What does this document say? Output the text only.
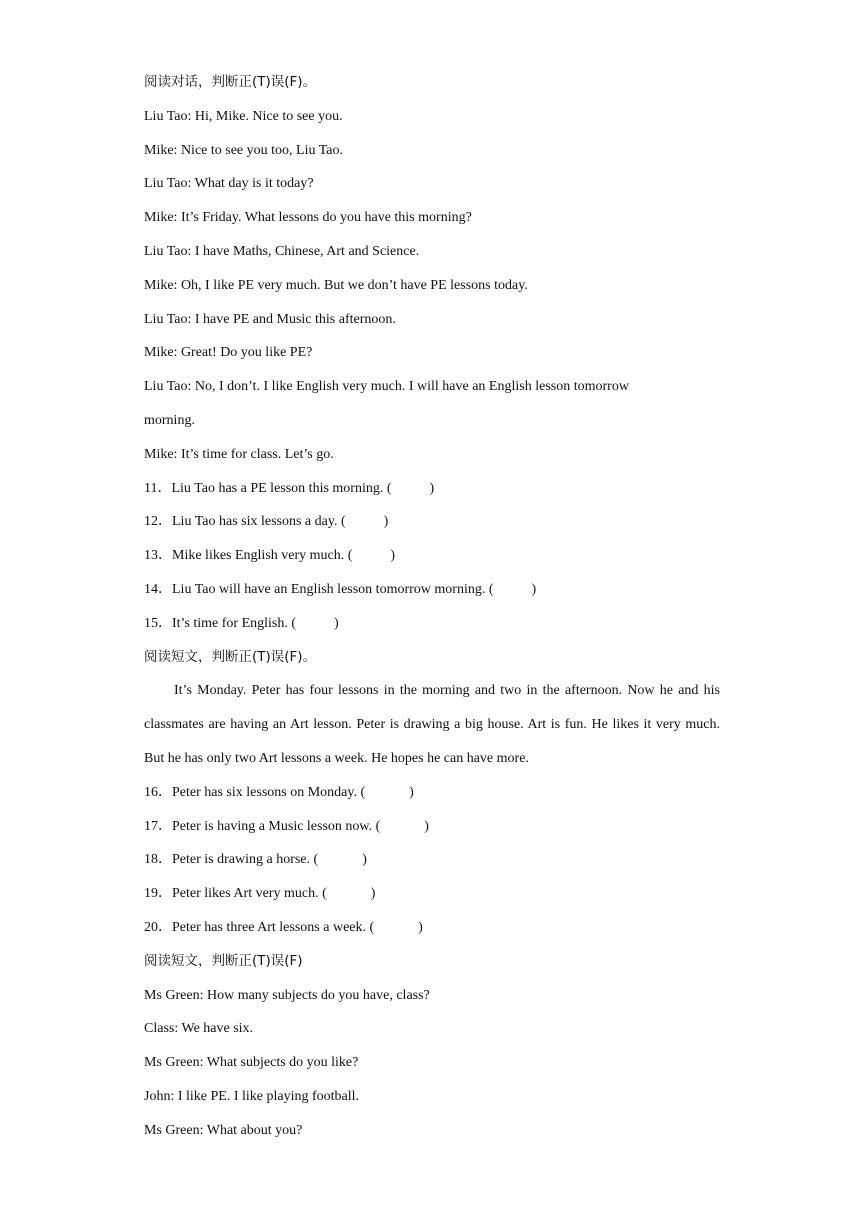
阅读对话，判断正(T)误(F)。
Liu Tao: Hi, Mike. Nice to see you.
Mike: Nice to see you too, Liu Tao.
Liu Tao: What day is it today?
Mike: It’s Friday. What lessons do you have this morning?
Liu Tao: I have Maths, Chinese, Art and Science.
Mike: Oh, I like PE very much. But we don’t have PE lessons today.
Liu Tao: I have PE and Music this afternoon.
Mike: Great! Do you like PE?
Liu Tao: No, I don’t. I like English very much. I will have an English lesson tomorrow
morning.
Mike: It’s time for class. Let’s go.
11．Liu Tao has a PE lesson this morning. (	)
12．Liu Tao has six lessons a day. (	)
13．Mike likes English very much. (	)
14．Liu Tao will have an English lesson tomorrow morning. (	)
15．It’s time for English. (	)
阅读短文，判断正(T)误(F)。
It’s Monday. Peter has four lessons in the morning and two in the afternoon. Now he and his classmates are having an Art lesson. Peter is drawing a big house. Art is fun. He likes it very much. But he has only two Art lessons a week. He hopes he can have more.
16．Peter has six lessons on Monday. (	)
17．Peter is having a Music lesson now. (	)
18．Peter is drawing a horse. (	)
19．Peter likes Art very much. (	)
20．Peter has three Art lessons a week. (	)
阅读短文，判断正(T)误(F)
Ms Green: How many subjects do you have, class?
Class: We have six.
Ms Green: What subjects do you like?
John: I like PE. I like playing football.
Ms Green: What about you?
